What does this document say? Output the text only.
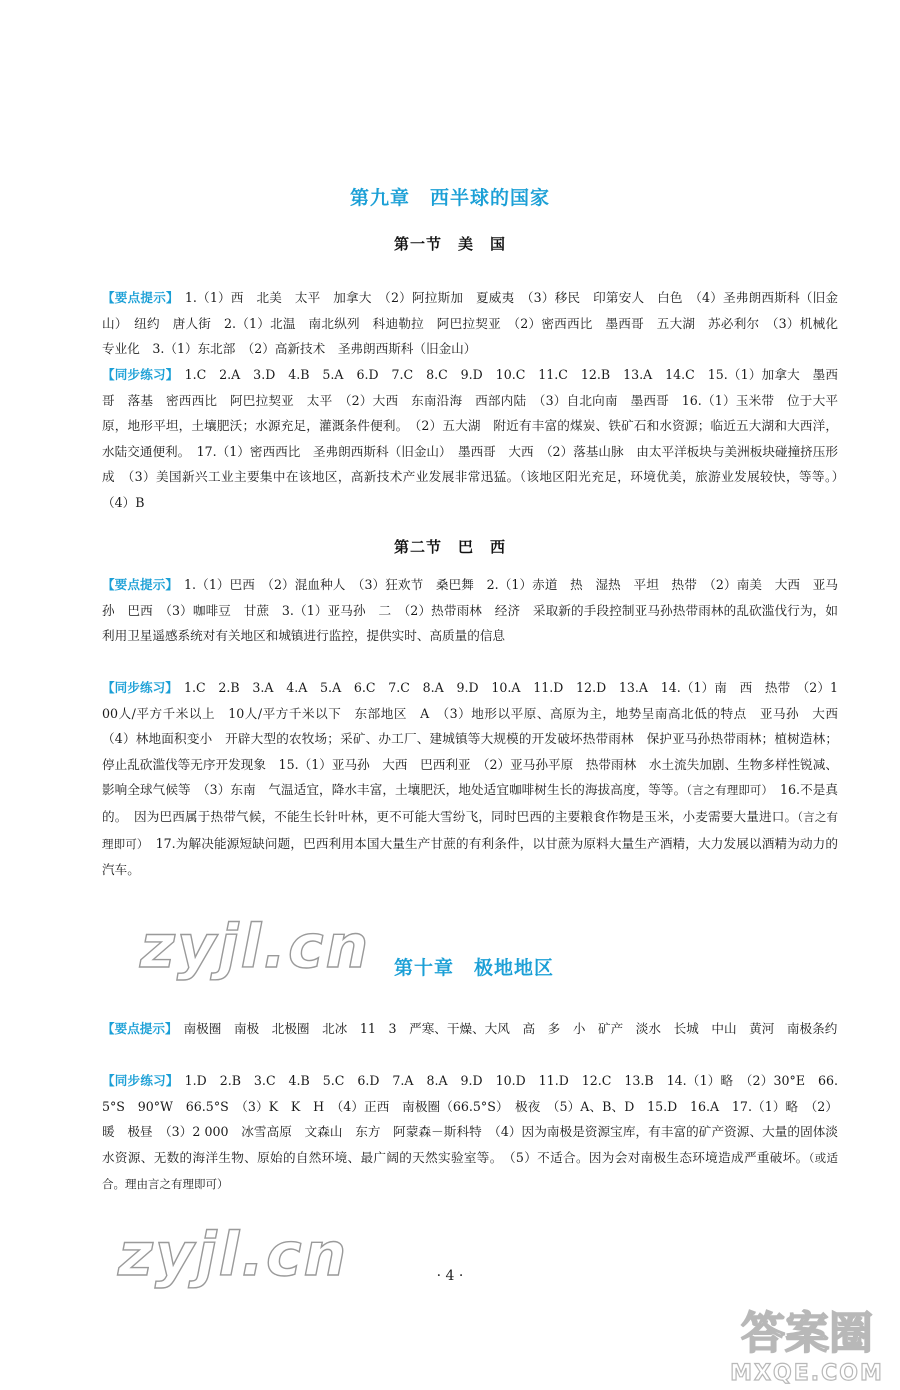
第九章　西半球的国家
第一节　美　国
【要点提示】 1.（1）西　北美　太平　加拿大　（2）阿拉斯加　夏威夷　（3）移民　印第安人　白色　（4）圣弗朗西斯科（旧金山）　纽约　唐人街　2.（1）北温　南北纵列　科迪勒拉　阿巴拉契亚　（2）密西西比　墨西哥　五大湖　苏必利尔　（3）机械化　专业化　3.（1）东北部　（2）高新技术　圣弗朗西斯科（旧金山）
【同步练习】 1.C　2.A　3.D　4.B　5.A　6.D　7.C　8.C　9.D　10.C　11.C　12.B　13.A　14.C　15.（1）加拿大　墨西哥　落基　密西西比　阿巴拉契亚　太平　（2）大西　东南沿海　西部内陆　（3）自北向南　墨西哥　16.（1）玉米带　位于大平原，地形平坦，土壤肥沃；水源充足，灌溉条件便利。　（2）五大湖　附近有丰富的煤炭、铁矿石和水资源；临近五大湖和大西洋，水陆交通便利。　17.（1）密西西比　圣弗朗西斯科（旧金山）　墨西哥　大西　（2）落基山脉　由太平洋板块与美洲板块碰撞挤压形成　（3）美国新兴工业主要集中在该地区，高新技术产业发展非常迅猛。（该地区阳光充足，环境优美，旅游业发展较快，等等。）　（4）B
第二节　巴　西
【要点提示】 1.（1）巴西　（2）混血种人　（3）狂欢节　桑巴舞　2.（1）赤道　热　湿热　平坦　热带　（2）南美　大西　亚马孙　巴西　（3）咖啡豆　甘蔗　3.（1）亚马孙　二　（2）热带雨林　经济　采取新的手段控制亚马孙热带雨林的乱砍滥伐行为，如利用卫星遥感系统对有关地区和城镇进行监控，提供实时、高质量的信息
【同步练习】 1.C　2.B　3.A　4.A　5.A　6.C　7.C　8.A　9.D　10.A　11.D　12.D　13.A　14.（1）南　西　热带　（2）100人/平方千米以上　10人/平方千米以下　东部地区　A　（3）地形以平原、高原为主，地势呈南高北低的特点　亚马孙　大西　（4）林地面积变小　开辟大型的农牧场；采矿、办工厂、建城镇等大规模的开发破坏热带雨林　保护亚马孙热带雨林；植树造林；停止乱砍滥伐等无序开发现象　15.（1）亚马孙　大西　巴西利亚　（2）亚马孙平原　热带雨林　水土流失加剧、生物多样性锐减、影响全球气候等　（3）东南　气温适宜，降水丰富，土壤肥沃，地处适宜咖啡树生长的海拔高度，等等。（言之有理即可）　16.不是真的。　因为巴西属于热带气候，不能生长针叶林，更不可能大雪纷飞，同时巴西的主要粮食作物是玉米，小麦需要大量进口。（言之有理即可）　17.为解决能源短缺问题，巴西利用本国大量生产甘蔗的有利条件，以甘蔗为原料大量生产酒精，大力发展以酒精为动力的汽车。
zyjl.cn	第十章　极地地区
【要点提示】 南极圈　南极　北极圈　北冰　11　3　严寒、干燥、大风　高　多　小　矿产　淡水　长城　中山　黄河　南极条约
【同步练习】 1.D　2.B　3.C　4.B　5.C　6.D　7.A　8.A　9.D　10.D　11.D　12.C　13.B　14.（1）略　（2）30°E　66.5°S　90°W　66.5°S　（3）K　K　H　（4）正西　南极圈（66.5°S）　极夜　（5）A、B、D　15.D　16.A　17.（1）略　（2）暖　极昼　（3）2 000　冰雪高原　文森山　东方　阿蒙森－斯科特　（4）因为南极是资源宝库，有丰富的矿产资源、大量的固体淡水资源、无数的海洋生物、原始的自然环境、最广阔的天然实验室等。　（5）不适合。因为会对南极生态环境造成严重破坏。（或适合。理由言之有理即可）
zyjl.cn	· 4 ·
答案圈
MXQE.COM
